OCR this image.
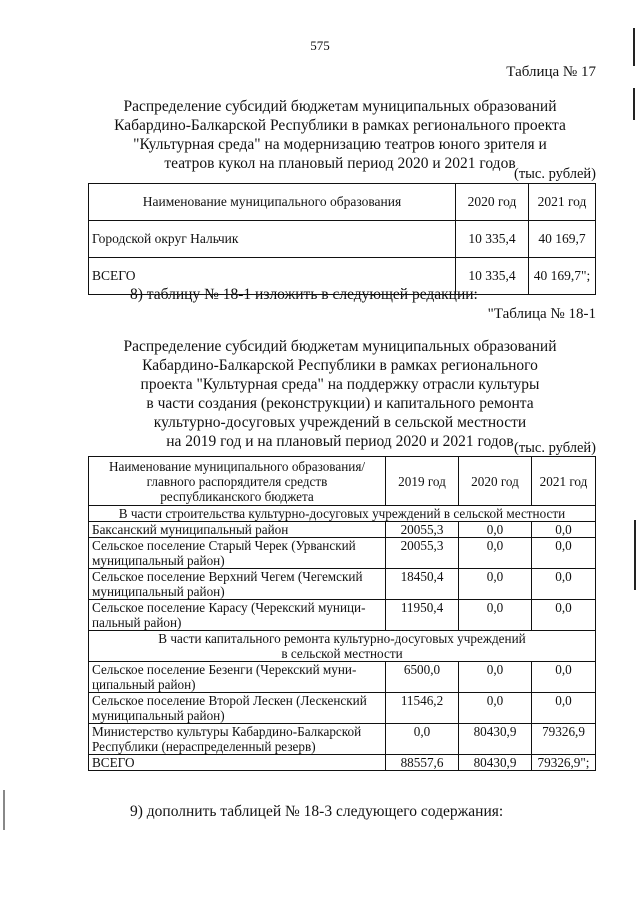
575
Таблица № 17
Распределение субсидий бюджетам муниципальных образований
Кабардино-Балкарской Республики в рамках регионального проекта
"Культурная среда" на модернизацию театров юного зрителя и
театров кукол на плановый период 2020 и 2021 годов
(тыс. рублей)
Наименование муниципального образования	2020 год	2021 год
Городской округ Нальчик	10 335,4	40 169,7
ВСЕГО	10 335,4	40 169,7";
8) таблицу № 18-1 изложить в следующей редакции:
"Таблица № 18-1
Распределение субсидий бюджетам муниципальных образований
Кабардино-Балкарской Республики в рамках регионального
проекта "Культурная среда" на поддержку отрасли культуры
в части создания (реконструкции) и капитального ремонта
культурно-досуговых учреждений в сельской местности
на 2019 год и на плановый период 2020 и 2021 годов (тыс. рублей)
Наименование муниципального образования/
главного распорядителя средств
республиканского бюджета	2019 год	2020 год	2021 год
В части строительства культурно-досуговых учреждений в сельской местности			
Баксанский муниципальный район	20055,3	0,0	0,0

Сельское поселение Старый Черек (Урванский
муниципальный район)	20055,3	0,0	0,0

Сельское поселение Верхний Чегем (Чегемский
муниципальный район)	18450,4	0,0	0,0

Сельское поселение Карасу (Черекский муници-
пальный район)	11950,4	0,0	0,0

В части капитального ремонта культурно-досуговых учреждений
в сельской местности			

Сельское поселение Безенги (Черекский муни-
ципальный район)	6500,0	0,0	0,0

Сельское поселение Второй Лескен (Лескенский
муниципальный район)	11546,2	0,0	0,0

Министерство культуры Кабардино-Балкарской
Республики (нераспределенный резерв)	0,0	80430,9	79326,9
ВСЕГО	88557,6	80430,9	79326,9";
9) дополнить таблицей № 18-3 следующего содержания:
